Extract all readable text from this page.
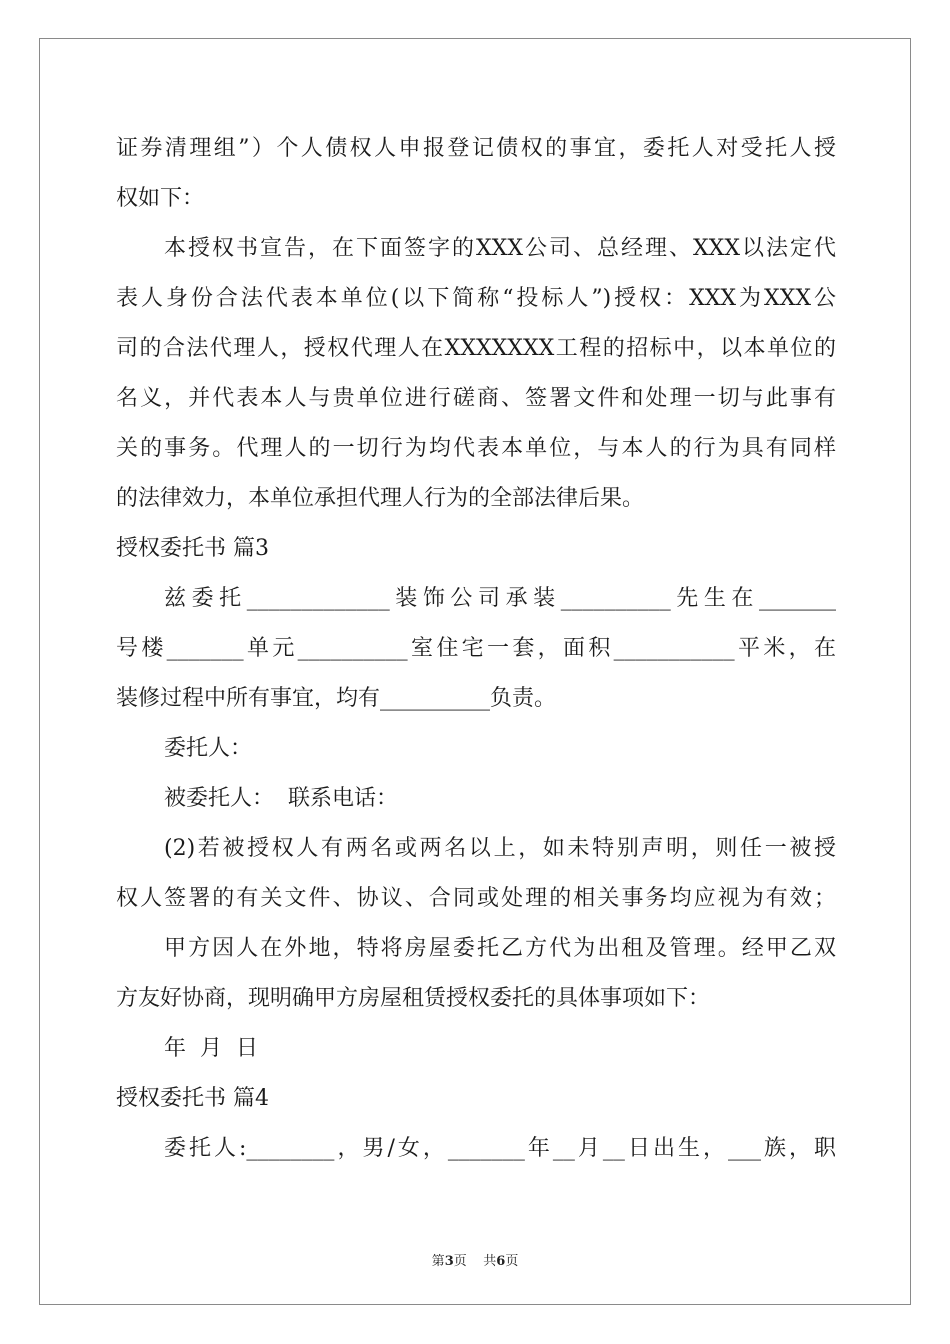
证券清理组”）个人债权人申报登记债权的事宜，委托人对受托人授
权如下：
本授权书宣告，在下面签字的XXX公司、总经理、XXX以法定代
表人身份合法代表本单位(以下简称“投标人”)授权：XXX为XXX公
司的合法代理人，授权代理人在XXXXXXX工程的招标中，以本单位的
名义，并代表本人与贵单位进行磋商、签署文件和处理一切与此事有
关的事务。代理人的一切行为均代表本单位，与本人的行为具有同样
的法律效力，本单位承担代理人行为的全部法律后果。
授权委托书 篇3
兹委托_____________装饰公司承装__________先生在_______
号楼_______单元__________室住宅一套，面积___________平米，在
装修过程中所有事宜，均有__________负责。
委托人：
被委托人：  联系电话：
(2)若被授权人有两名或两名以上，如未特别声明，则任一被授
权人签署的有关文件、协议、合同或处理的相关事务均应视为有效；
甲方因人在外地，特将房屋委托乙方代为出租及管理。经甲乙双
方友好协商，现明确甲方房屋租赁授权委托的具体事项如下：
年  月  日
授权委托书 篇4
委托人:________，男/女，_______年__月__日出生，___族，职
第3页    共6页
